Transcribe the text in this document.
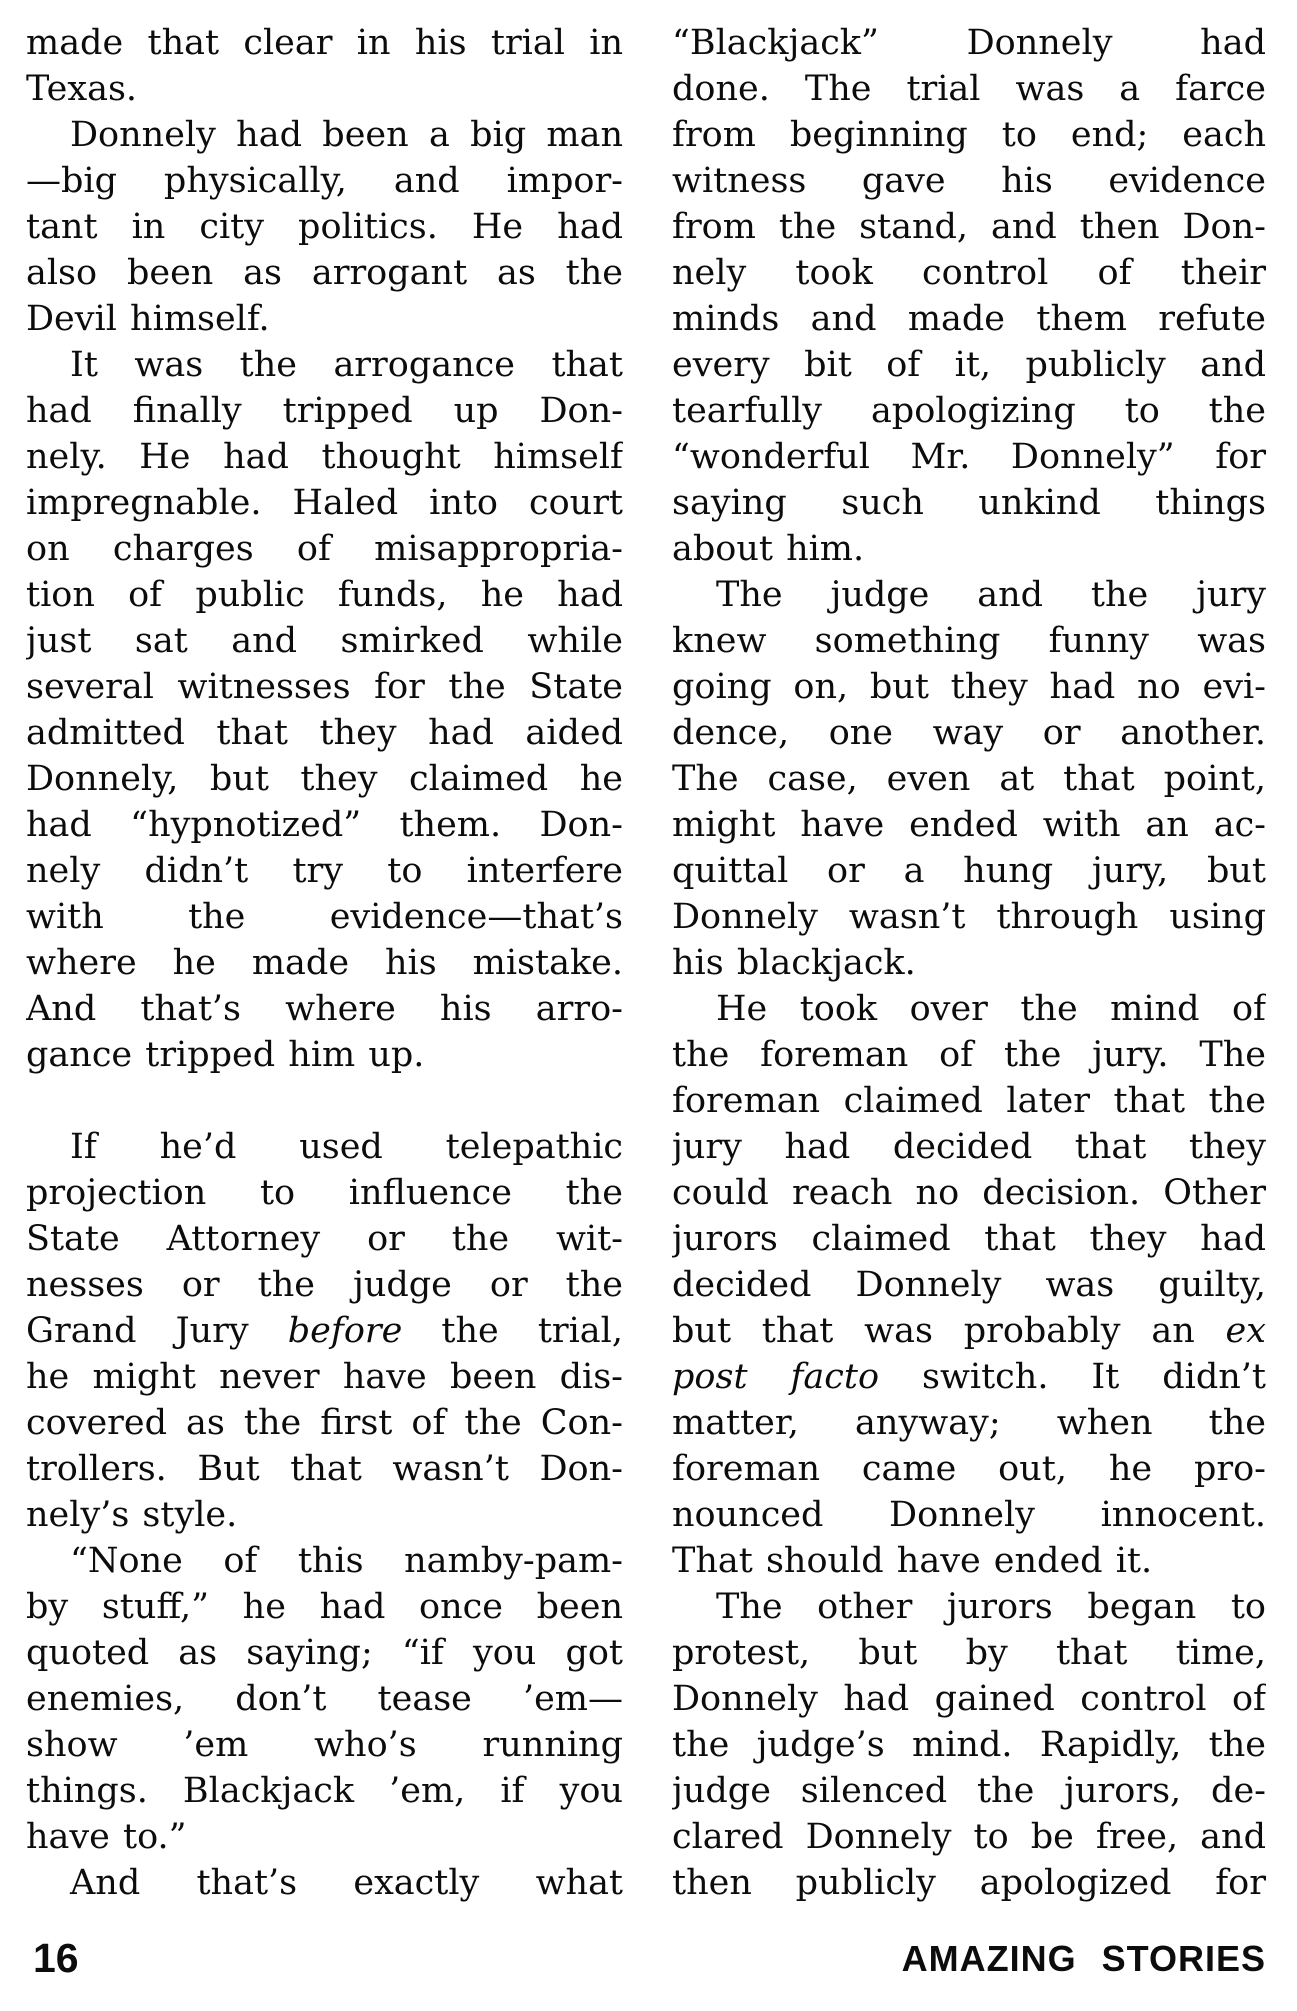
made that clear in his trial in
Texas.
Donnely had been a big man
—big physically, and impor-
tant in city politics. He had
also been as arrogant as the
Devil himself.
It was the arrogance that
had finally tripped up Don-
nely. He had thought himself
impregnable. Haled into court
on charges of misappropria-
tion of public funds, he had
just sat and smirked while
several witnesses for the State
admitted that they had aided
Donnely, but they claimed he
had “hypnotized” them. Don-
nely didn’t try to interfere
with the evidence—that’s
where he made his mistake.
And that’s where his arro-
gance tripped him up.
If he’d used telepathic
projection to influence the
State Attorney or the wit-
nesses or the judge or the
Grand Jury before the trial,
he might never have been dis-
covered as the first of the Con-
trollers. But that wasn’t Don-
nely’s style.
“None of this namby-pam-
by stuff,” he had once been
quoted as saying; “if you got
enemies, don’t tease ’em—
show ’em who’s running
things. Blackjack ’em, if you
have to.”
And that’s exactly what
“Blackjack” Donnely had
done. The trial was a farce
from beginning to end; each
witness gave his evidence
from the stand, and then Don-
nely took control of their
minds and made them refute
every bit of it, publicly and
tearfully apologizing to the
“wonderful Mr. Donnely” for
saying such unkind things
about him.
The judge and the jury
knew something funny was
going on, but they had no evi-
dence, one way or another.
The case, even at that point,
might have ended with an ac-
quittal or a hung jury, but
Donnely wasn’t through using
his blackjack.
He took over the mind of
the foreman of the jury. The
foreman claimed later that the
jury had decided that they
could reach no decision. Other
jurors claimed that they had
decided Donnely was guilty,
but that was probably an ex
post facto switch. It didn’t
matter, anyway; when the
foreman came out, he pro-
nounced Donnely innocent.
That should have ended it.
The other jurors began to
protest, but by that time,
Donnely had gained control of
the judge’s mind. Rapidly, the
judge silenced the jurors, de-
clared Donnely to be free, and
then publicly apologized for
16	AMAZING STORIES
